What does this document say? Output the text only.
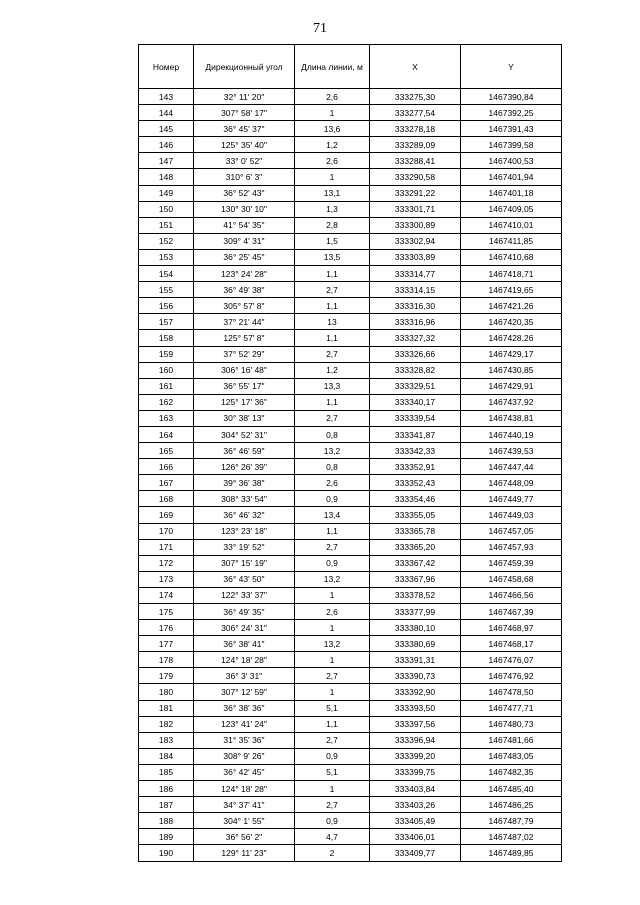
71
Номер	Дирекционный угол	Длина линии, м	X	Y
143	32° 11' 20"	2,6	333275,30	1467390,84
144	307° 58' 17"	1	333277,54	1467392,25
145	36° 45' 37"	13,6	333278,18	1467391,43
146	125° 35' 40"	1,2	333289,09	1467399,58
147	33° 0' 52"	2,6	333288,41	1467400,53
148	310° 6' 3"	1	333290,58	1467401,94
149	36° 52' 43"	13,1	333291,22	1467401,18
150	130° 30' 10"	1,3	333301,71	1467409,05
151	41° 54' 35"	2,8	333300,89	1467410,01
152	309° 4' 31"	1,5	333302,94	1467411,85
153	36° 25' 45"	13,5	333303,89	1467410,68
154	123° 24' 28"	1,1	333314,77	1467418,71
155	36° 49' 38"	2,7	333314,15	1467419,65
156	305° 57' 8"	1,1	333316,30	1467421,26
157	37° 21' 44"	13	333316,96	1467420,35
158	125° 57' 8"	1,1	333327,32	1467428,26
159	37° 52' 29"	2,7	333326,66	1467429,17
160	306° 16' 48"	1,2	333328,82	1467430,85
161	36° 55' 17"	13,3	333329,51	1467429,91
162	125° 17' 36"	1,1	333340,17	1467437,92
163	30° 38' 13"	2,7	333339,54	1467438,81
164	304° 52' 31"	0,8	333341,87	1467440,19
165	36° 46' 59"	13,2	333342,33	1467439,53
166	126° 26' 39"	0,8	333352,91	1467447,44
167	39° 36' 38"	2,6	333352,43	1467448,09
168	308° 33' 54"	0,9	333354,46	1467449,77
169	36° 46' 32"	13,4	333355,05	1467449,03
170	123° 23' 18"	1,1	333365,78	1467457,05
171	33° 19' 52"	2,7	333365,20	1467457,93
172	307° 15' 19"	0,9	333367,42	1467459,39
173	36° 43' 50"	13,2	333367,96	1467458,68
174	122° 33' 37"	1	333378,52	1467466,56
175	36° 49' 35"	2,6	333377,99	1467467,39
176	306° 24' 31"	1	333380,10	1467468,97
177	36° 38' 41"	13,2	333380,69	1467468,17
178	124° 18' 28"	1	333391,31	1467476,07
179	36° 3' 31"	2,7	333390,73	1467476,92
180	307° 12' 59"	1	333392,90	1467478,50
181	36° 38' 36"	5,1	333393,50	1467477,71
182	123° 41' 24"	1,1	333397,56	1467480,73
183	31° 35' 36"	2,7	333396,94	1467481,66
184	308° 9' 26"	0,9	333399,20	1467483,05
185	36° 42' 45"	5,1	333399,75	1467482,35
186	124° 18' 28"	1	333403,84	1467485,40
187	34° 37' 41"	2,7	333403,26	1467486,25
188	304° 1' 55"	0,9	333405,49	1467487,79
189	36° 56' 2"	4,7	333406,01	1467487,02
190	129° 11' 23"	2	333409,77	1467489,85
